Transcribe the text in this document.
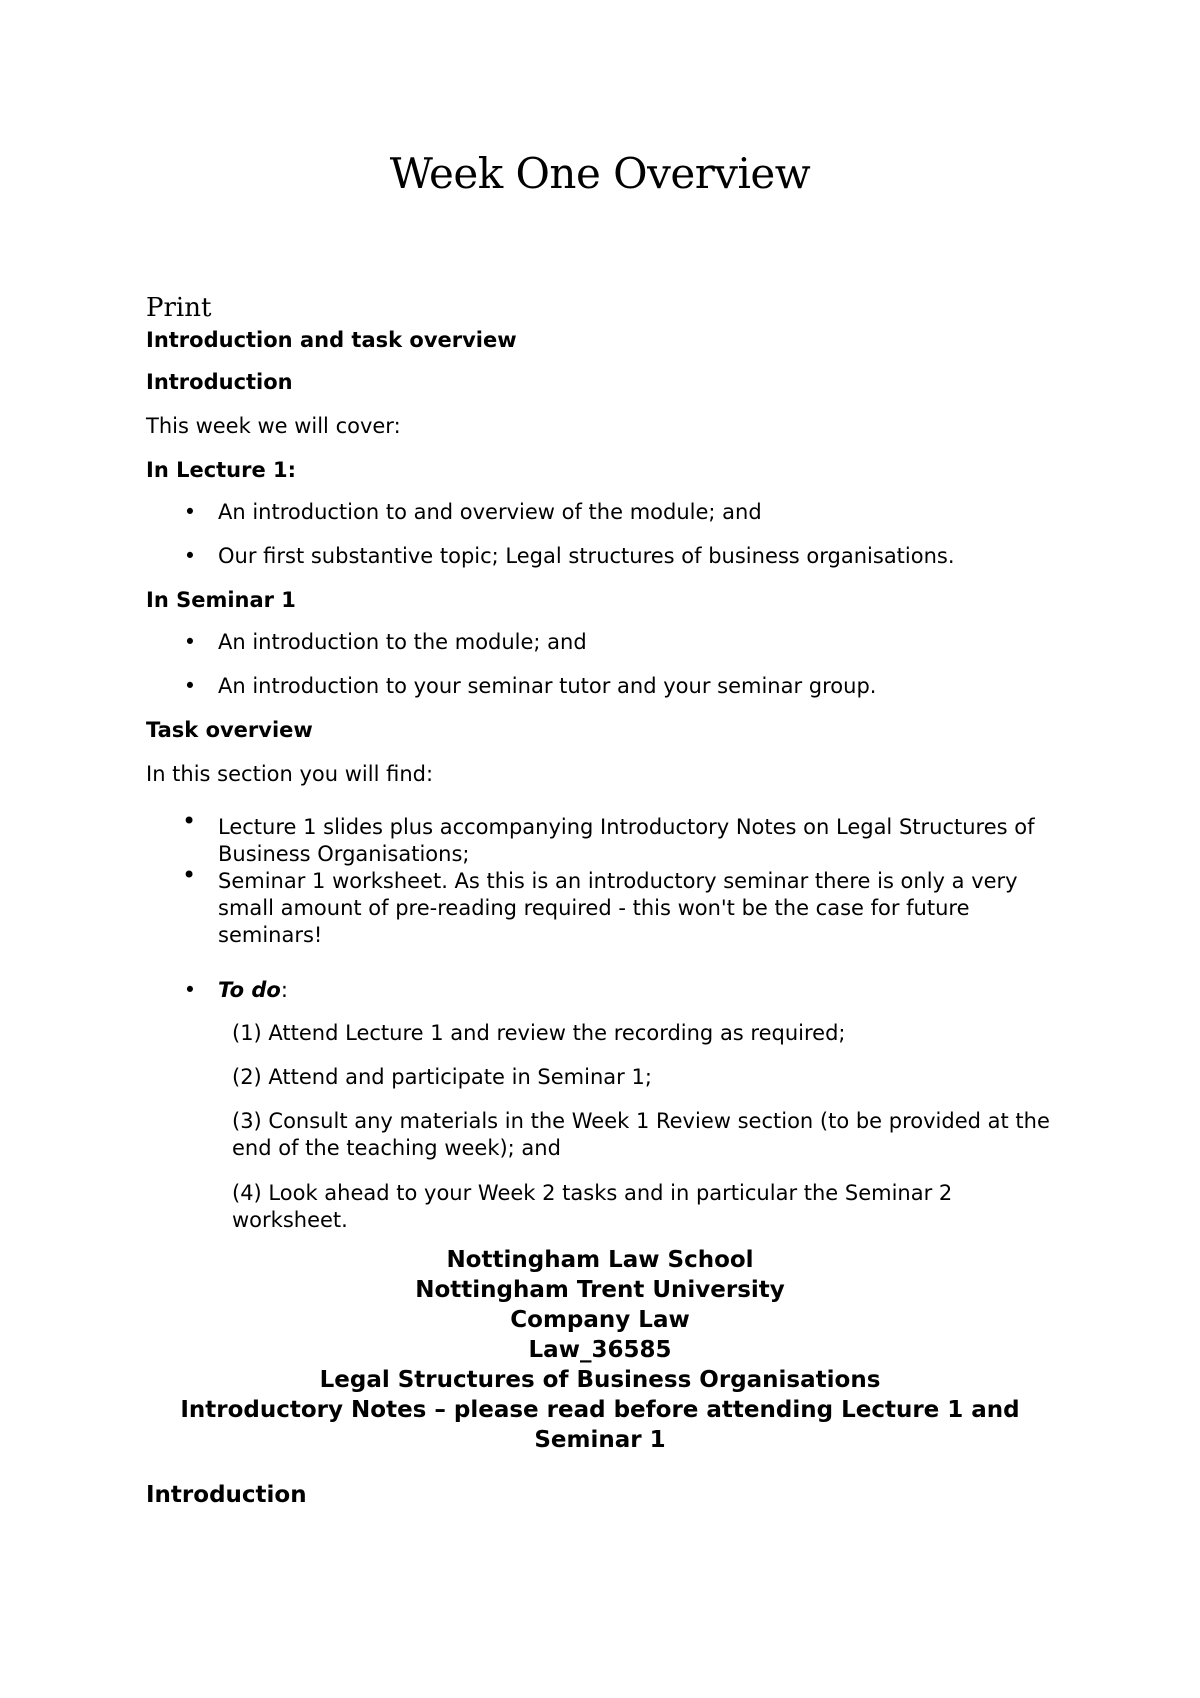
Week One Overview
Print
Introduction and task overview
Introduction
This week we will cover:
In Lecture 1:
• An introduction to and overview of the module; and
• Our first substantive topic; Legal structures of business organisations.
In Seminar 1
• An introduction to the module; and
• An introduction to your seminar tutor and your seminar group.
Task overview
In this section you will find:
• Lecture 1 slides plus accompanying Introductory Notes on Legal Structures of Business Organisations;
• Seminar 1 worksheet. As this is an introductory seminar there is only a very small amount of pre-reading required - this won't be the case for future seminars!
• To do:
(1) Attend Lecture 1 and review the recording as required;
(2) Attend and participate in Seminar 1;
(3) Consult any materials in the Week 1 Review section (to be provided at the end of the teaching week); and
(4) Look ahead to your Week 2 tasks and in particular the Seminar 2 worksheet.
Nottingham Law School
Nottingham Trent University
Company Law
Law_36585
Legal Structures of Business Organisations
Introductory Notes – please read before attending Lecture 1 and
Seminar 1
Introduction
